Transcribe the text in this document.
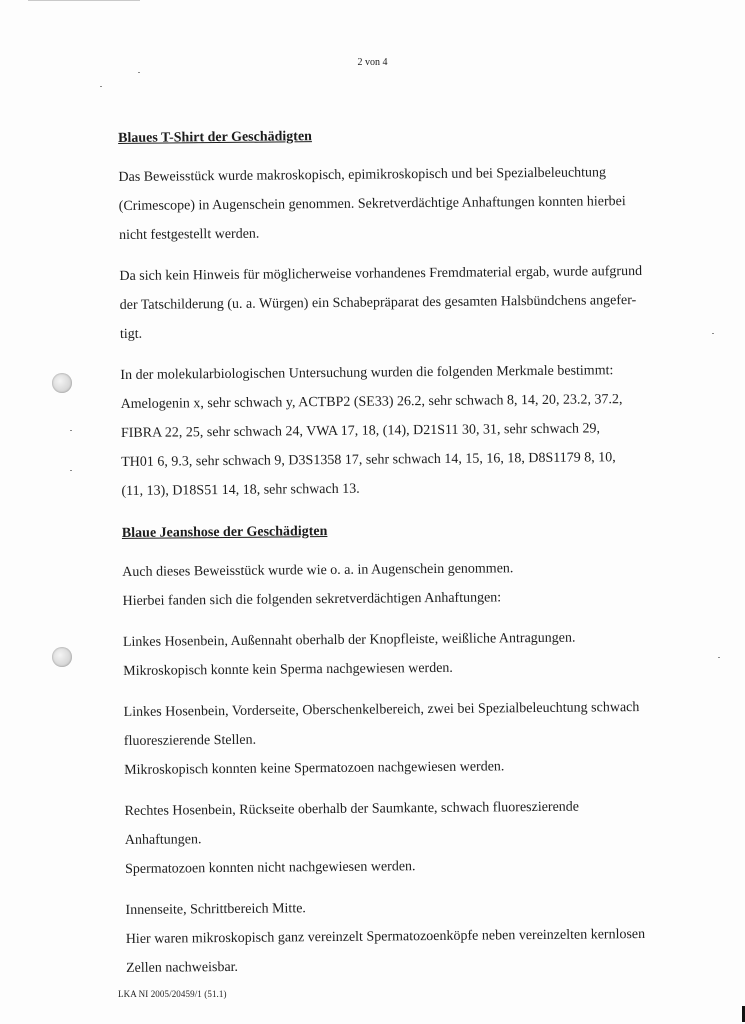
2 von 4
Blaues T-Shirt der Geschädigten
Das Beweisstück wurde makroskopisch, epimikroskopisch und bei Spezialbeleuchtung
(Crimescope) in Augenschein genommen. Sekretverdächtige Anhaftungen konnten hierbei
nicht festgestellt werden.
Da sich kein Hinweis für möglicherweise vorhandenes Fremdmaterial ergab, wurde aufgrund
der Tatschilderung (u. a. Würgen) ein Schabepräparat des gesamten Halsbündchens angefer-
tigt.
In der molekularbiologischen Untersuchung wurden die folgenden Merkmale bestimmt:
Amelogenin x, sehr schwach y, ACTBP2 (SE33) 26.2, sehr schwach 8, 14, 20, 23.2, 37.2,
FIBRA 22, 25, sehr schwach 24, VWA 17, 18, (14), D21S11 30, 31, sehr schwach 29,
TH01 6, 9.3, sehr schwach 9, D3S1358 17, sehr schwach 14, 15, 16, 18, D8S1179 8, 10,
(11, 13), D18S51 14, 18, sehr schwach 13.
Blaue Jeanshose der Geschädigten
Auch dieses Beweisstück wurde wie o. a. in Augenschein genommen.
Hierbei fanden sich die folgenden sekretverdächtigen Anhaftungen:
Linkes Hosenbein, Außennaht oberhalb der Knopfleiste, weißliche Antragungen.
Mikroskopisch konnte kein Sperma nachgewiesen werden.
Linkes Hosenbein, Vorderseite, Oberschenkelbereich, zwei bei Spezialbeleuchtung schwach
fluoreszierende Stellen.
Mikroskopisch konnten keine Spermatozoen nachgewiesen werden.
Rechtes Hosenbein, Rückseite oberhalb der Saumkante, schwach fluoreszierende
Anhaftungen.
Spermatozoen konnten nicht nachgewiesen werden.
Innenseite, Schrittbereich Mitte.
Hier waren mikroskopisch ganz vereinzelt Spermatozoenköpfe neben vereinzelten kernlosen
Zellen nachweisbar.
LKA NI 2005/20459/1 (51.1)
